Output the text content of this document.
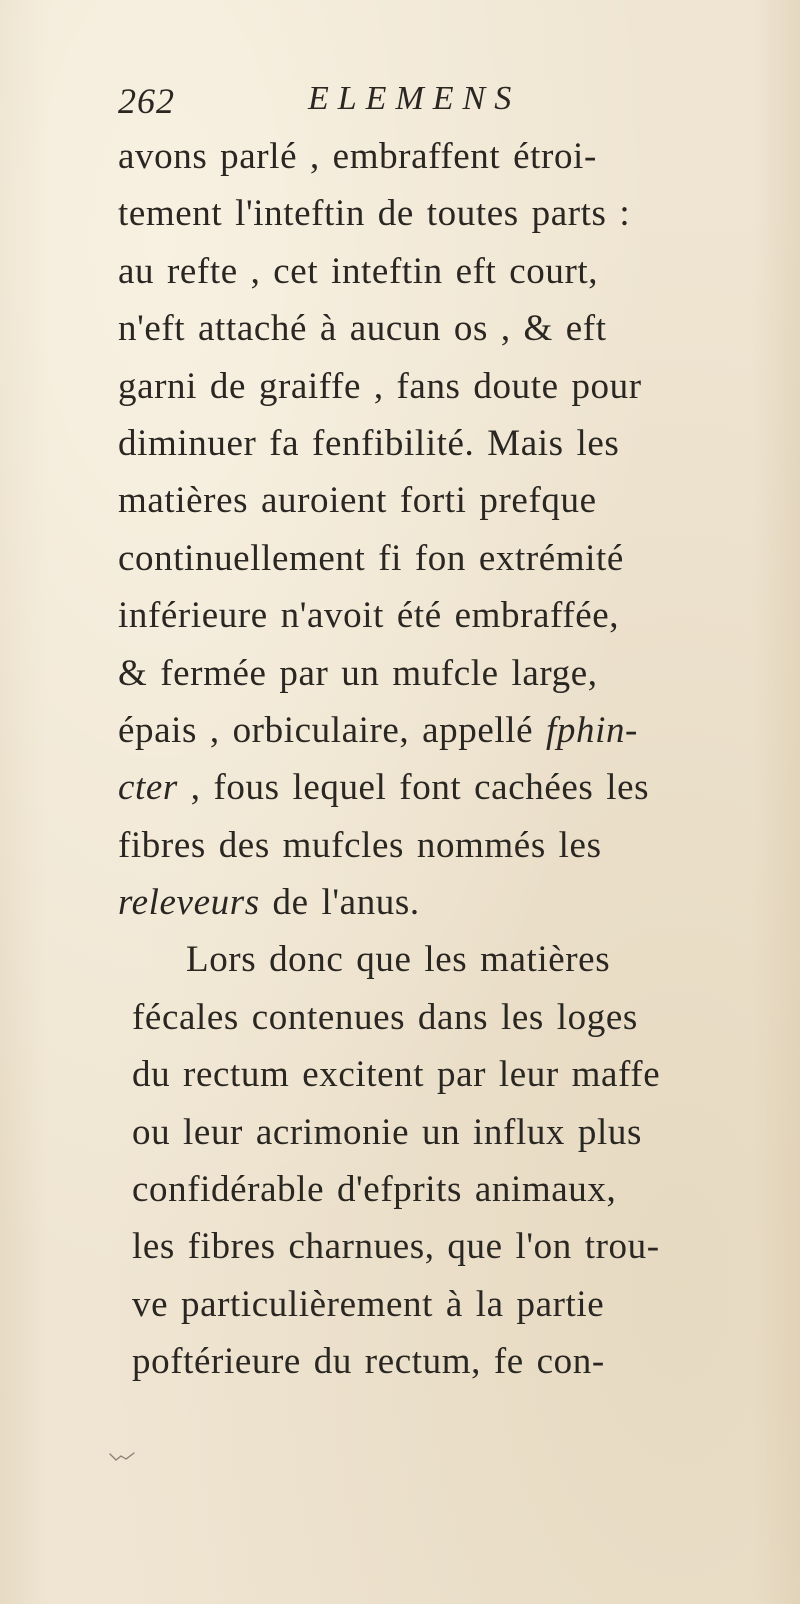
262	ELEMENS
avons parlé , embraffent étroi-
tement l'inteftin de toutes parts :
au refte , cet inteftin eft court,
n'eft attaché à aucun os , & eft
garni de graiffe , fans doute pour
diminuer fa fenfibilité. Mais les
matières auroient forti prefque
continuellement fi fon extrémité
inférieure n'avoit été embraffée,
& fermée par un mufcle large,
épais , orbiculaire, appellé fphin-
cter , fous lequel font cachées les
fibres des mufcles nommés les
releveurs de l'anus.
Lors donc que les matières
fécales contenues dans les loges
du rectum excitent par leur maffe
ou leur acrimonie un influx plus
confidérable d'efprits animaux,
les fibres charnues, que l'on trou-
ve particulièrement à la partie
poftérieure du rectum, fe con-
